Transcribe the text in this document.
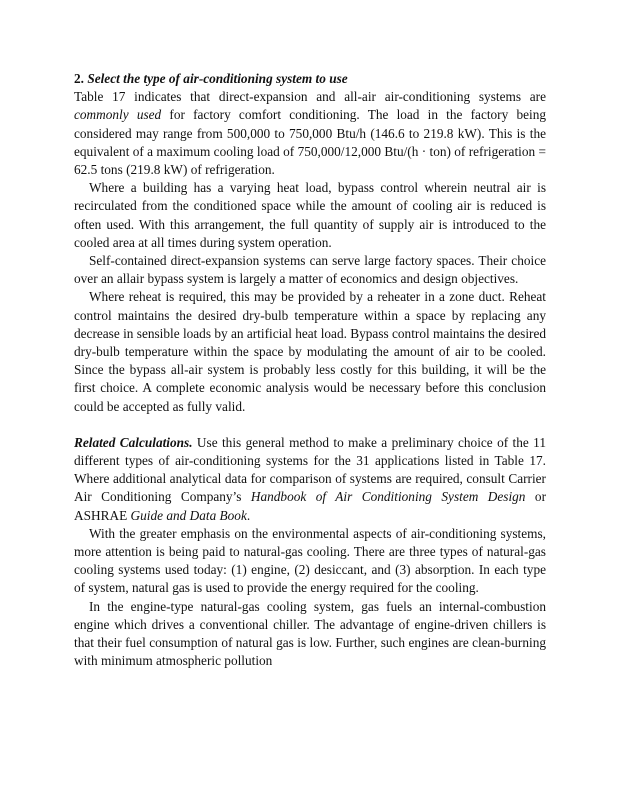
2. Select the type of air-conditioning system to use

Table 17 indicates that direct-expansion and all-air air-conditioning systems are commonly used for factory comfort conditioning. The load in the factory being considered may range from 500,000 to 750,000 Btu/h (146.6 to 219.8 kW). This is the equivalent of a maximum cooling load of 750,000/12,000 Btu/(h · ton) of refrigeration = 62.5 tons (219.8 kW) of refrigeration.

Where a building has a varying heat load, bypass control wherein neutral air is recirculated from the conditioned space while the amount of cooling air is reduced is often used. With this arrangement, the full quantity of supply air is introduced to the cooled area at all times during system operation.

Self-contained direct-expansion systems can serve large factory spaces. Their choice over an allair bypass system is largely a matter of economics and design objectives.

Where reheat is required, this may be provided by a reheater in a zone duct. Reheat control maintains the desired dry-bulb temperature within a space by replacing any decrease in sensible loads by an artificial heat load. Bypass control maintains the desired dry-bulb temperature within the space by modulating the amount of air to be cooled. Since the bypass all-air system is probably less costly for this building, it will be the first choice. A complete economic analysis would be necessary before this conclusion could be accepted as fully valid.

Related Calculations. Use this general method to make a preliminary choice of the 11 different types of air-conditioning systems for the 31 applications listed in Table 17. Where additional analytical data for comparison of systems are required, consult Carrier Air Conditioning Company’s Handbook of Air Conditioning System Design or ASHRAE Guide and Data Book.

With the greater emphasis on the environmental aspects of air-conditioning systems, more attention is being paid to natural-gas cooling. There are three types of natural-gas cooling systems used today: (1) engine, (2) desiccant, and (3) absorption. In each type of system, natural gas is used to provide the energy required for the cooling.

In the engine-type natural-gas cooling system, gas fuels an internal-combustion engine which drives a conventional chiller. The advantage of engine-driven chillers is that their fuel consumption of natural gas is low. Further, such engines are clean-burning with minimum atmospheric pollution
